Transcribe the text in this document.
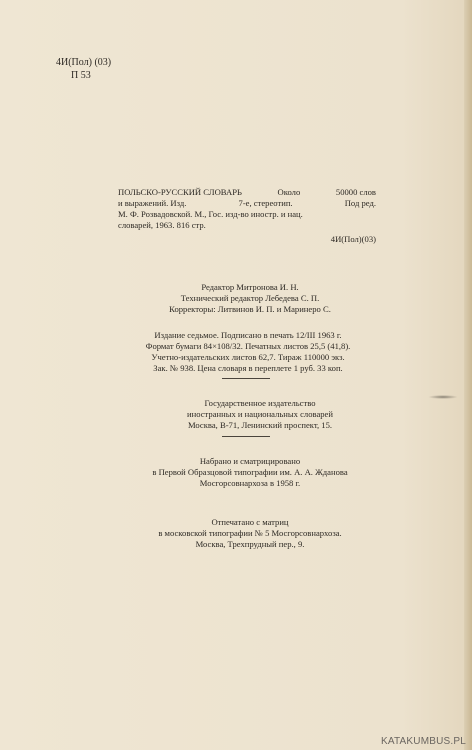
4И(Пол) (03)
П 53
ПОЛЬСКО-РУССКИЙ СЛОВАРЬ	Около	50000 слов
и выражений. Изд.	7-е, стереотип.	Под ред.
М. Ф. Розвадовской. М., Гос. изд-во иностр. и нац.
словарей, 1963. 816 стр.
4И(Пол)(03)
Редактор Митронова И. Н.
Технический редактор Лебедева С. П.
Корректоры: Литвинов И. П. и Маринеро С.
Издание седьмое. Подписано в печать 12/III 1963 г.
Формат бумаги 84×108/32. Печатных листов 25,5 (41,8).
Учетно-издательских листов 62,7. Тираж 110000 экз.
Зак. № 938. Цена словаря в переплете 1 руб. 33 коп.
Государственное издательство
иностранных и национальных словарей
Москва, В-71, Ленинский проспект, 15.
Набрано и сматрицировано
в Первой Образцовой типографии им. А. А. Жданова
Мосгорсовнархоза в 1958 г.
Отпечатано с матриц
в московской типографии № 5 Мосгорсовнархоза.
Москва, Трехпрудный пер., 9.
KATAKUMBUS.PL
